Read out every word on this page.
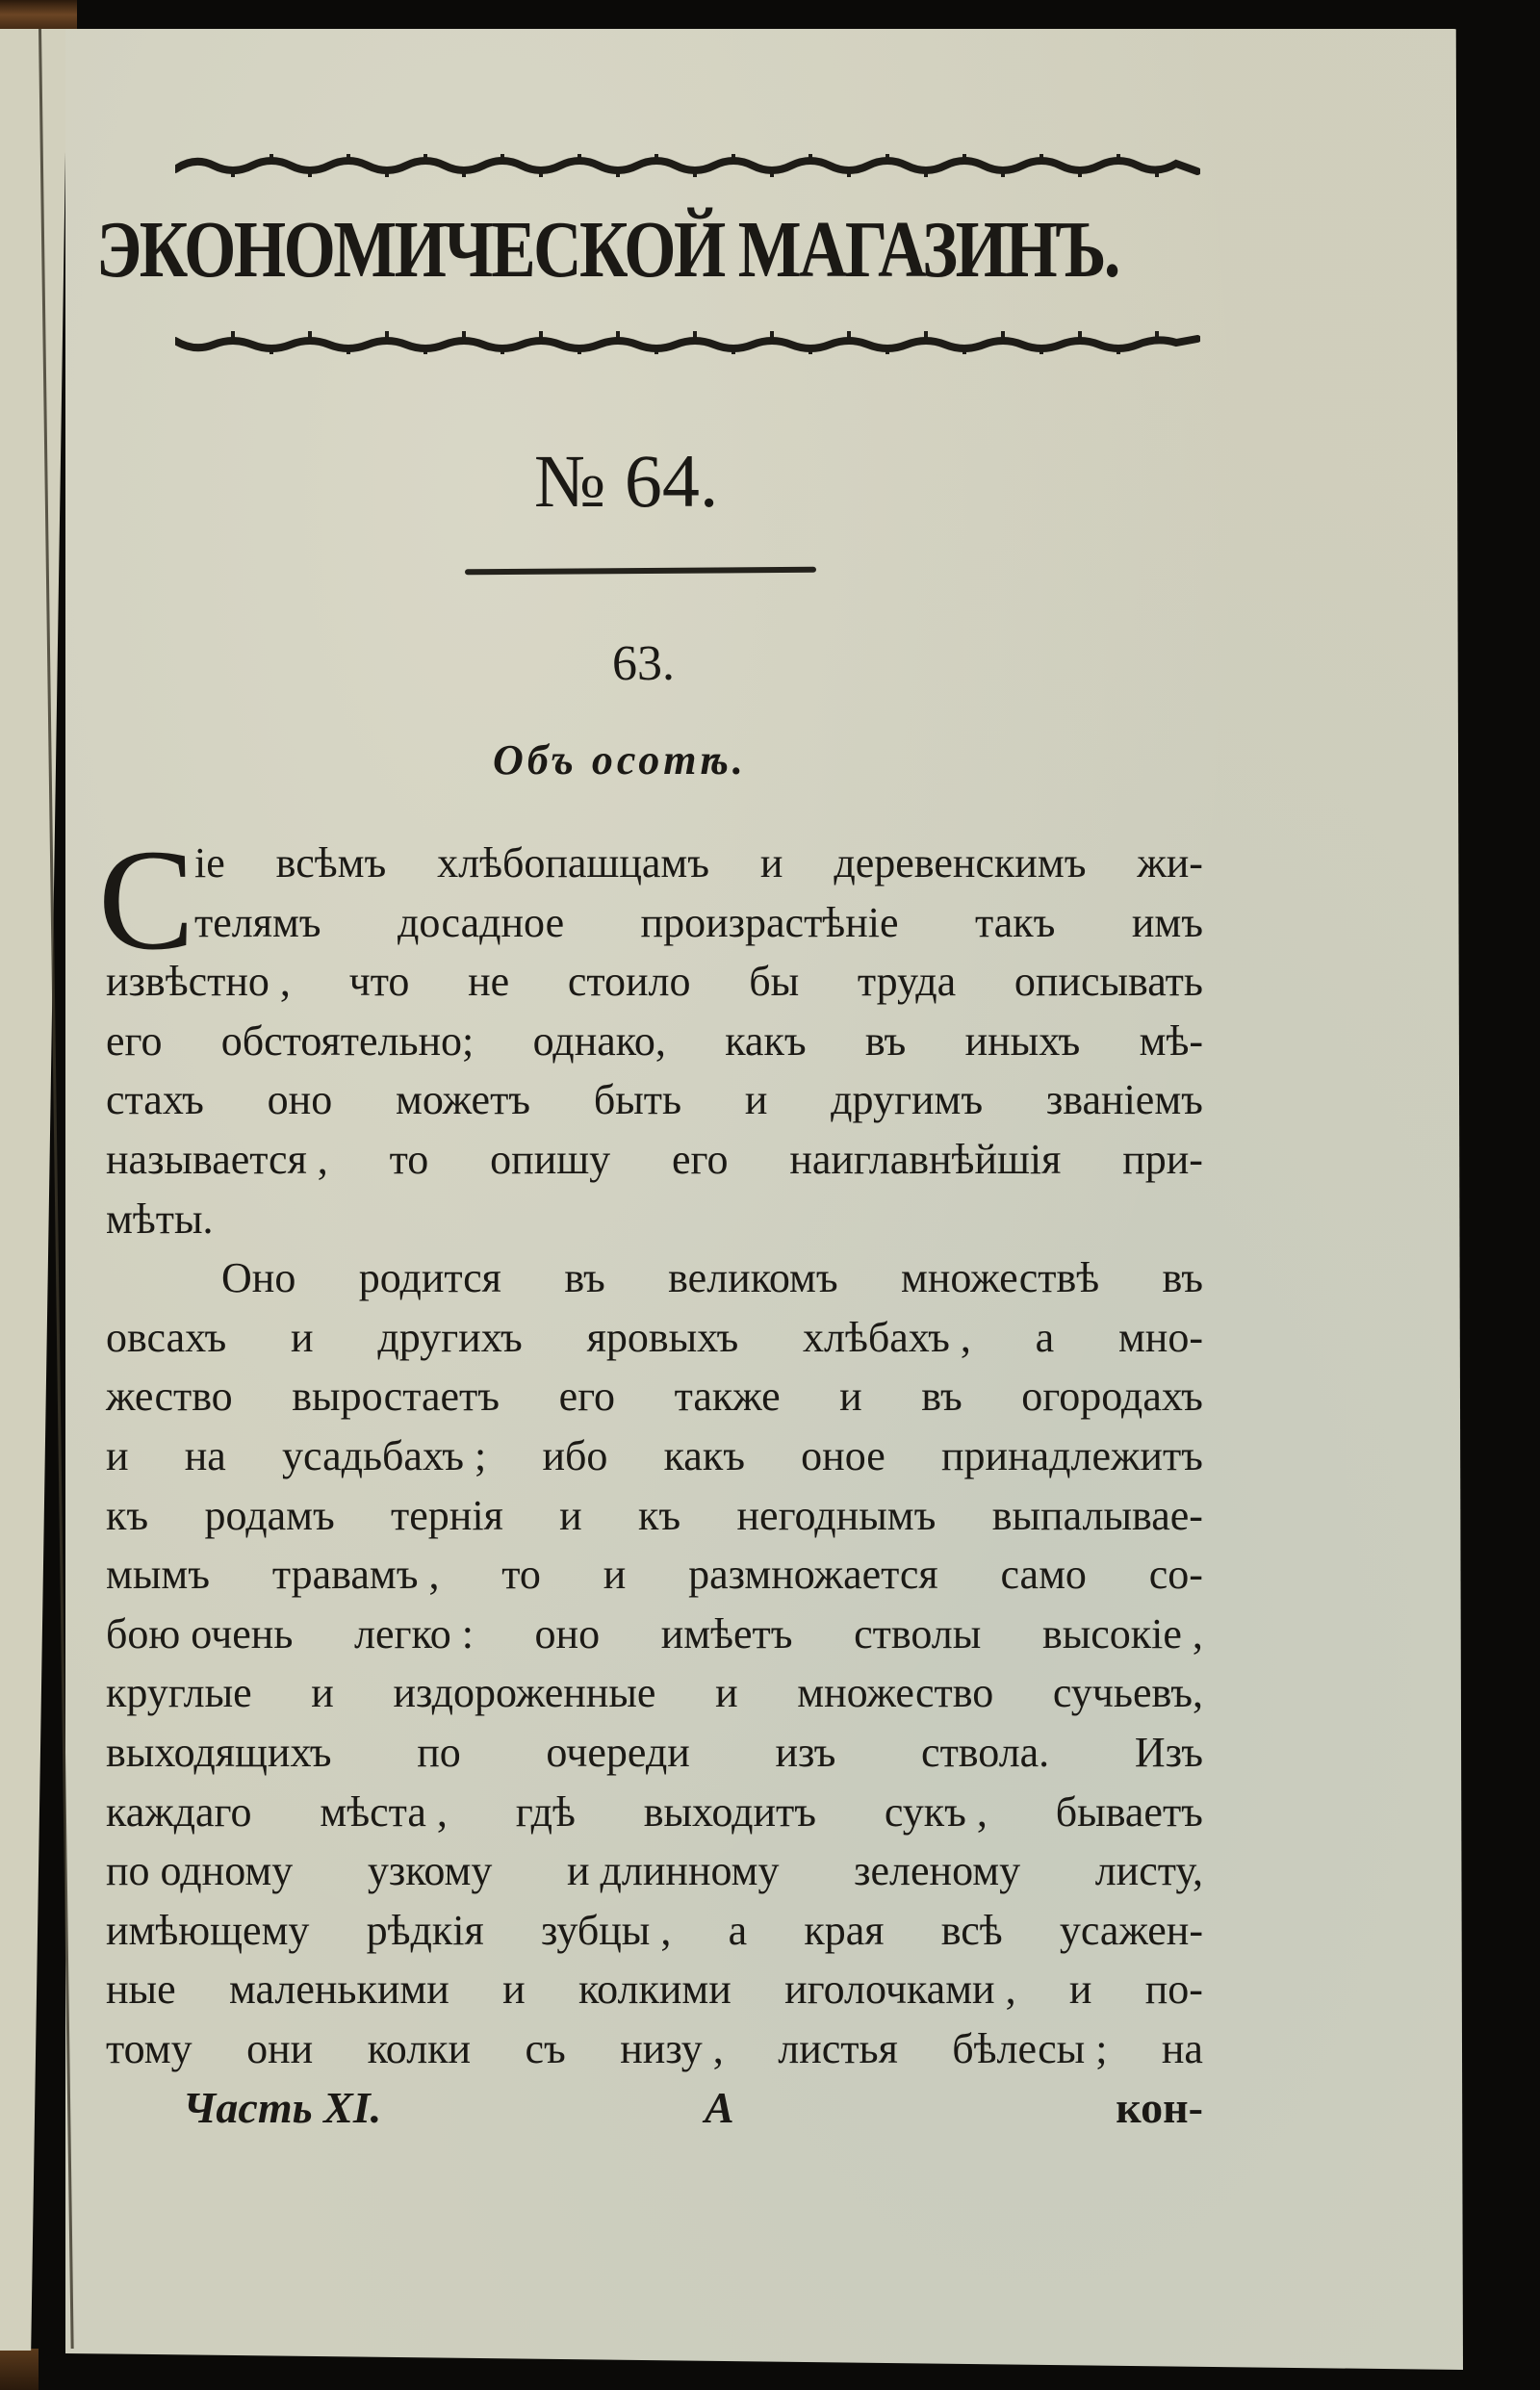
ЭКОНОМИЧЕСКОЙ МАГАЗИНЪ.
№ 64.
63.
Объ осотѣ.
С іе всѣмъ хлѣбопашцамъ и деревенскимъ жи-
телямъ досадное произрастѣніе такъ имъ
извѣстно , что не стоило бы труда описывать
его обстоятельно; однако, какъ въ иныхъ мѣ-
стахъ оно можетъ быть и другимъ званіемъ
называется , то опишу его наиглавнѣйшія при-
мѣты.
Оно родится въ великомъ множествѣ въ
овсахъ и другихъ яровыхъ хлѣбахъ , а мно-
жество выростаетъ его также и въ огородахъ
и на усадьбахъ ; ибо какъ оное принадлежитъ
къ родамъ тернія и къ негоднымъ выпалываe-
мымъ травамъ , то и размножается само со-
бою очень легко : оно имѣетъ стволы высокіе ,
круглые и издороженные и множество сучьевъ,
выходящихъ по очереди изъ ствола. Изъ
каждаго мѣста , гдѣ выходитъ сукъ , бываетъ
по одному узкому и длинному зеленому листу,
имѣющему рѣдкія зубцы , а края всѣ усажен-
ные маленькими и колкими иголочками , и по-
тому они колки съ низу , листья бѣлесы ; на
Часть XI.	А	кон-
